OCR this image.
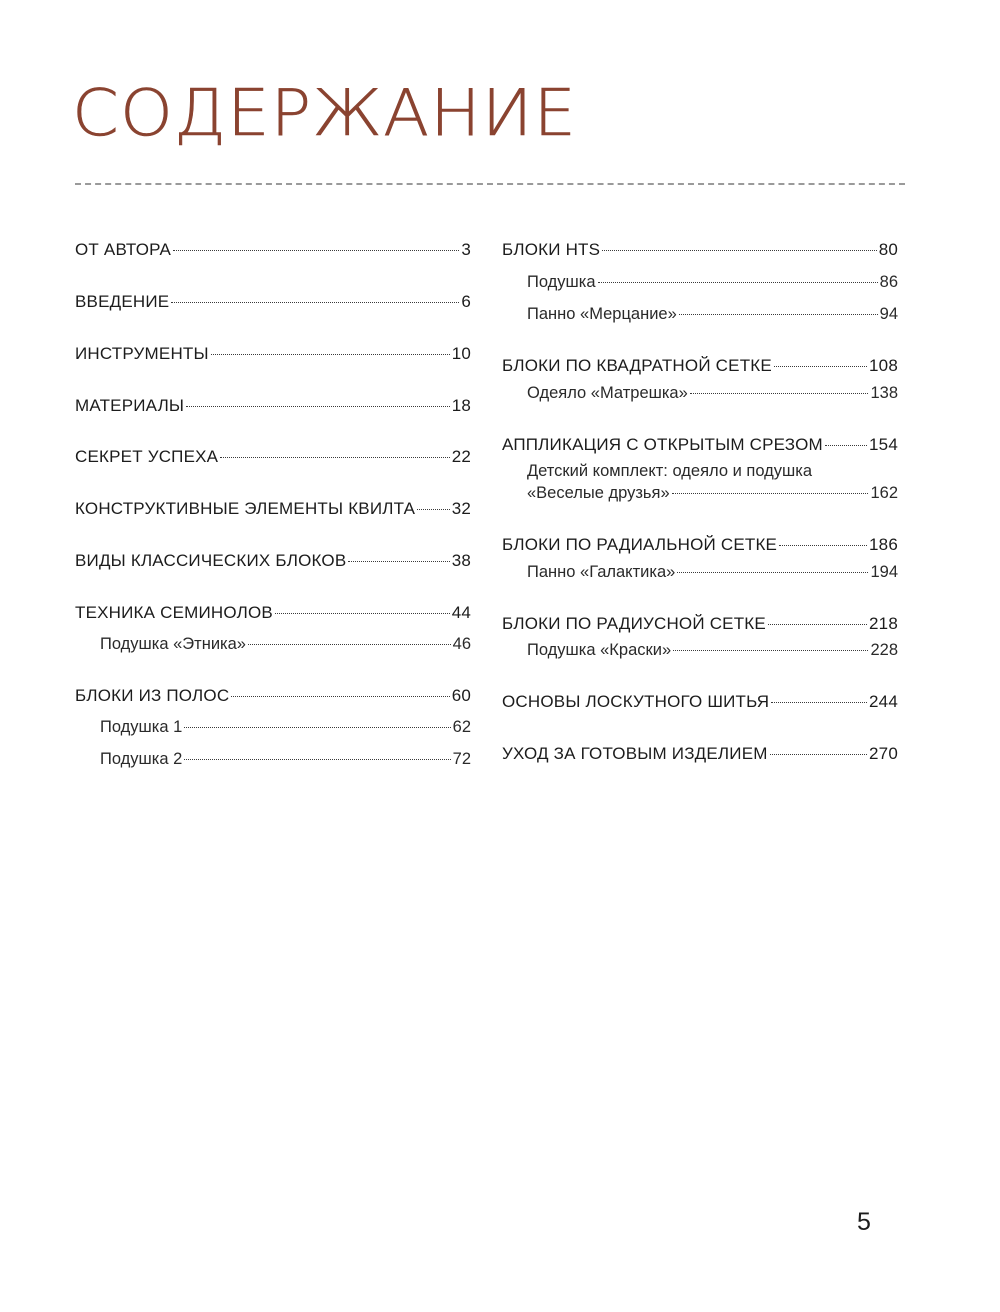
СОДЕРЖАНИЕ
ОТ АВТОРА	3
ВВЕДЕНИЕ	6
ИНСТРУМЕНТЫ	10
МАТЕРИАЛЫ	18
СЕКРЕТ УСПЕХА	22
КОНСТРУКТИВНЫЕ ЭЛЕМЕНТЫ КВИЛТА 32
ВИДЫ КЛАССИЧЕСКИХ БЛОКОВ	38
ТЕХНИКА СЕМИНОЛОВ	44
Подушка «Этника»	46
БЛОКИ ИЗ ПОЛОС	60
Подушка 1	62
Подушка 2	72
БЛОКИ HTS	80
Подушка	86
Панно «Мерцание»	94
БЛОКИ ПО КВАДРАТНОЙ СЕТКЕ	108
Одеяло «Матрешка»	138
АППЛИКАЦИЯ С ОТКРЫТЫМ СРЕЗОМ	154
Детский комплект: одеяло и подушка
«Веселые друзья»	162
БЛОКИ ПО РАДИАЛЬНОЙ СЕТКЕ	186
Панно «Галактика»	194
БЛОКИ ПО РАДИУСНОЙ СЕТКЕ	218
Подушка «Краски»	228
ОСНОВЫ ЛОСКУТНОГО ШИТЬЯ	244
УХОД ЗА ГОТОВЫМ ИЗДЕЛИЕМ	270
5
